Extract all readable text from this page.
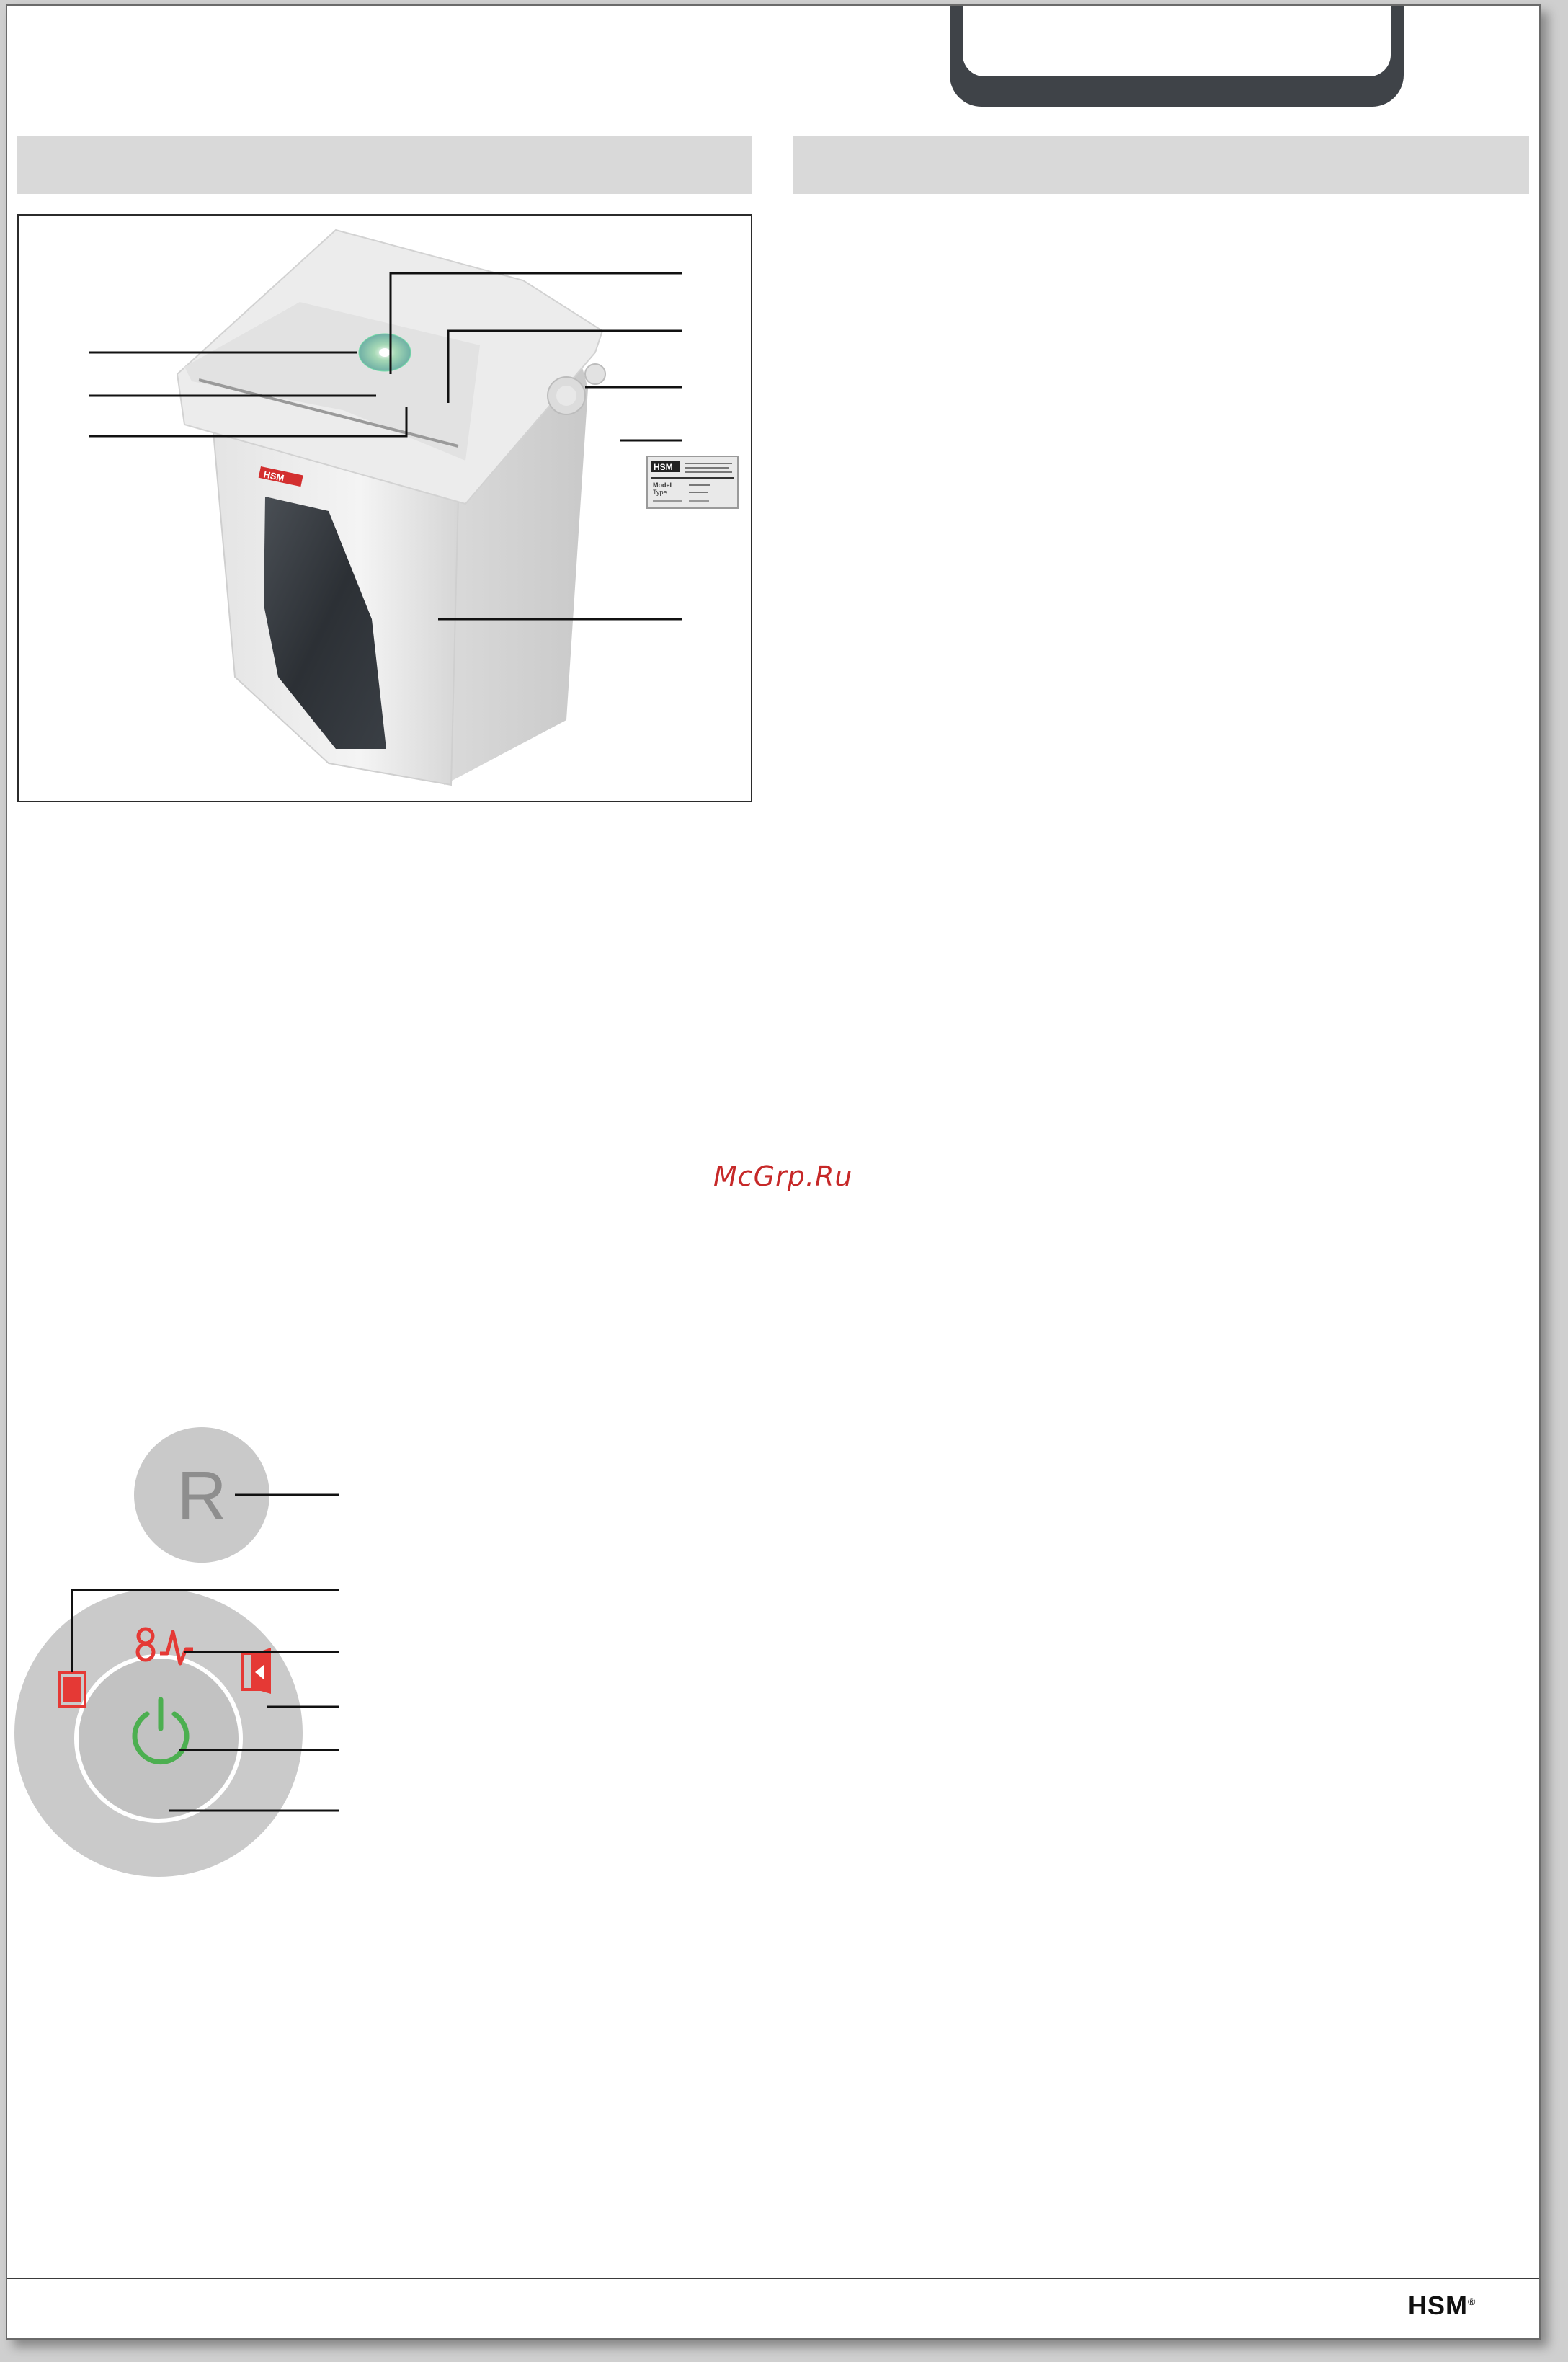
HSM
HSM
Model
Type
McGrp.Ru
R
HSM®
